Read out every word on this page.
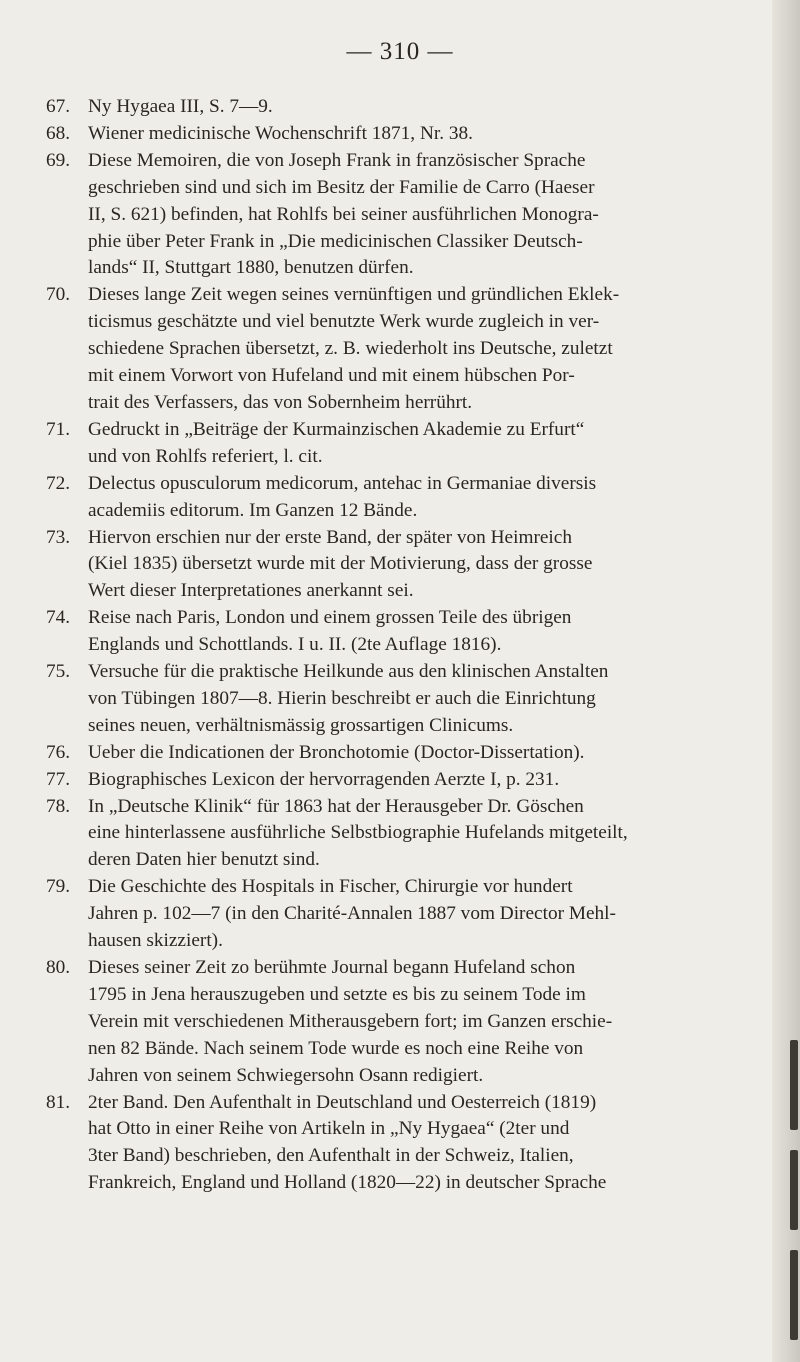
— 310 —
67. Ny Hygaea III, S. 7—9.
68. Wiener medicinische Wochenschrift 1871, Nr. 38.
69. Diese Memoiren, die von Joseph Frank in französischer Sprache
geschrieben sind und sich im Besitz der Familie de Carro (Haeser
II, S. 621) befinden, hat Rohlfs bei seiner ausführlichen Monogra-
phie über Peter Frank in „Die medicinischen Classiker Deutsch-
lands“ II, Stuttgart 1880, benutzen dürfen.
70. Dieses lange Zeit wegen seines vernünftigen und gründlichen Eklek-
ticismus geschätzte und viel benutzte Werk wurde zugleich in ver-
schiedene Sprachen übersetzt, z. B. wiederholt ins Deutsche, zuletzt
mit einem Vorwort von Hufeland und mit einem hübschen Por-
trait des Verfassers, das von Sobernheim herrührt.
71. Gedruckt in „Beiträge der Kurmainzischen Akademie zu Erfurt“
und von Rohlfs referiert, l. cit.
72. Delectus opusculorum medicorum, antehac in Germaniae diversis
academiis editorum. Im Ganzen 12 Bände.
73. Hiervon erschien nur der erste Band, der später von Heimreich
(Kiel 1835) übersetzt wurde mit der Motivierung, dass der grosse
Wert dieser Interpretationes anerkannt sei.
74. Reise nach Paris, London und einem grossen Teile des übrigen
Englands und Schottlands. I u. II. (2te Auflage 1816).
75. Versuche für die praktische Heilkunde aus den klinischen Anstalten
von Tübingen 1807—8. Hierin beschreibt er auch die Einrichtung
seines neuen, verhältnismässig grossartigen Clinicums.
76. Ueber die Indicationen der Bronchotomie (Doctor-Dissertation).
77. Biographisches Lexicon der hervorragenden Aerzte I, p. 231.
78. In „Deutsche Klinik“ für 1863 hat der Herausgeber Dr. Göschen
eine hinterlassene ausführliche Selbstbiographie Hufelands mitgeteilt,
deren Daten hier benutzt sind.
79. Die Geschichte des Hospitals in Fischer, Chirurgie vor hundert
Jahren p. 102—7 (in den Charité-Annalen 1887 vom Director Mehl-
hausen skizziert).
80. Dieses seiner Zeit zo berühmte Journal begann Hufeland schon
1795 in Jena herauszugeben und setzte es bis zu seinem Tode im
Verein mit verschiedenen Mitherausgebern fort; im Ganzen erschie-
nen 82 Bände. Nach seinem Tode wurde es noch eine Reihe von
Jahren von seinem Schwiegersohn Osann redigiert.
81. 2ter Band. Den Aufenthalt in Deutschland und Oesterreich (1819)
hat Otto in einer Reihe von Artikeln in „Ny Hygaea“ (2ter und
3ter Band) beschrieben, den Aufenthalt in der Schweiz, Italien,
Frankreich, England und Holland (1820—22) in deutscher Sprache
